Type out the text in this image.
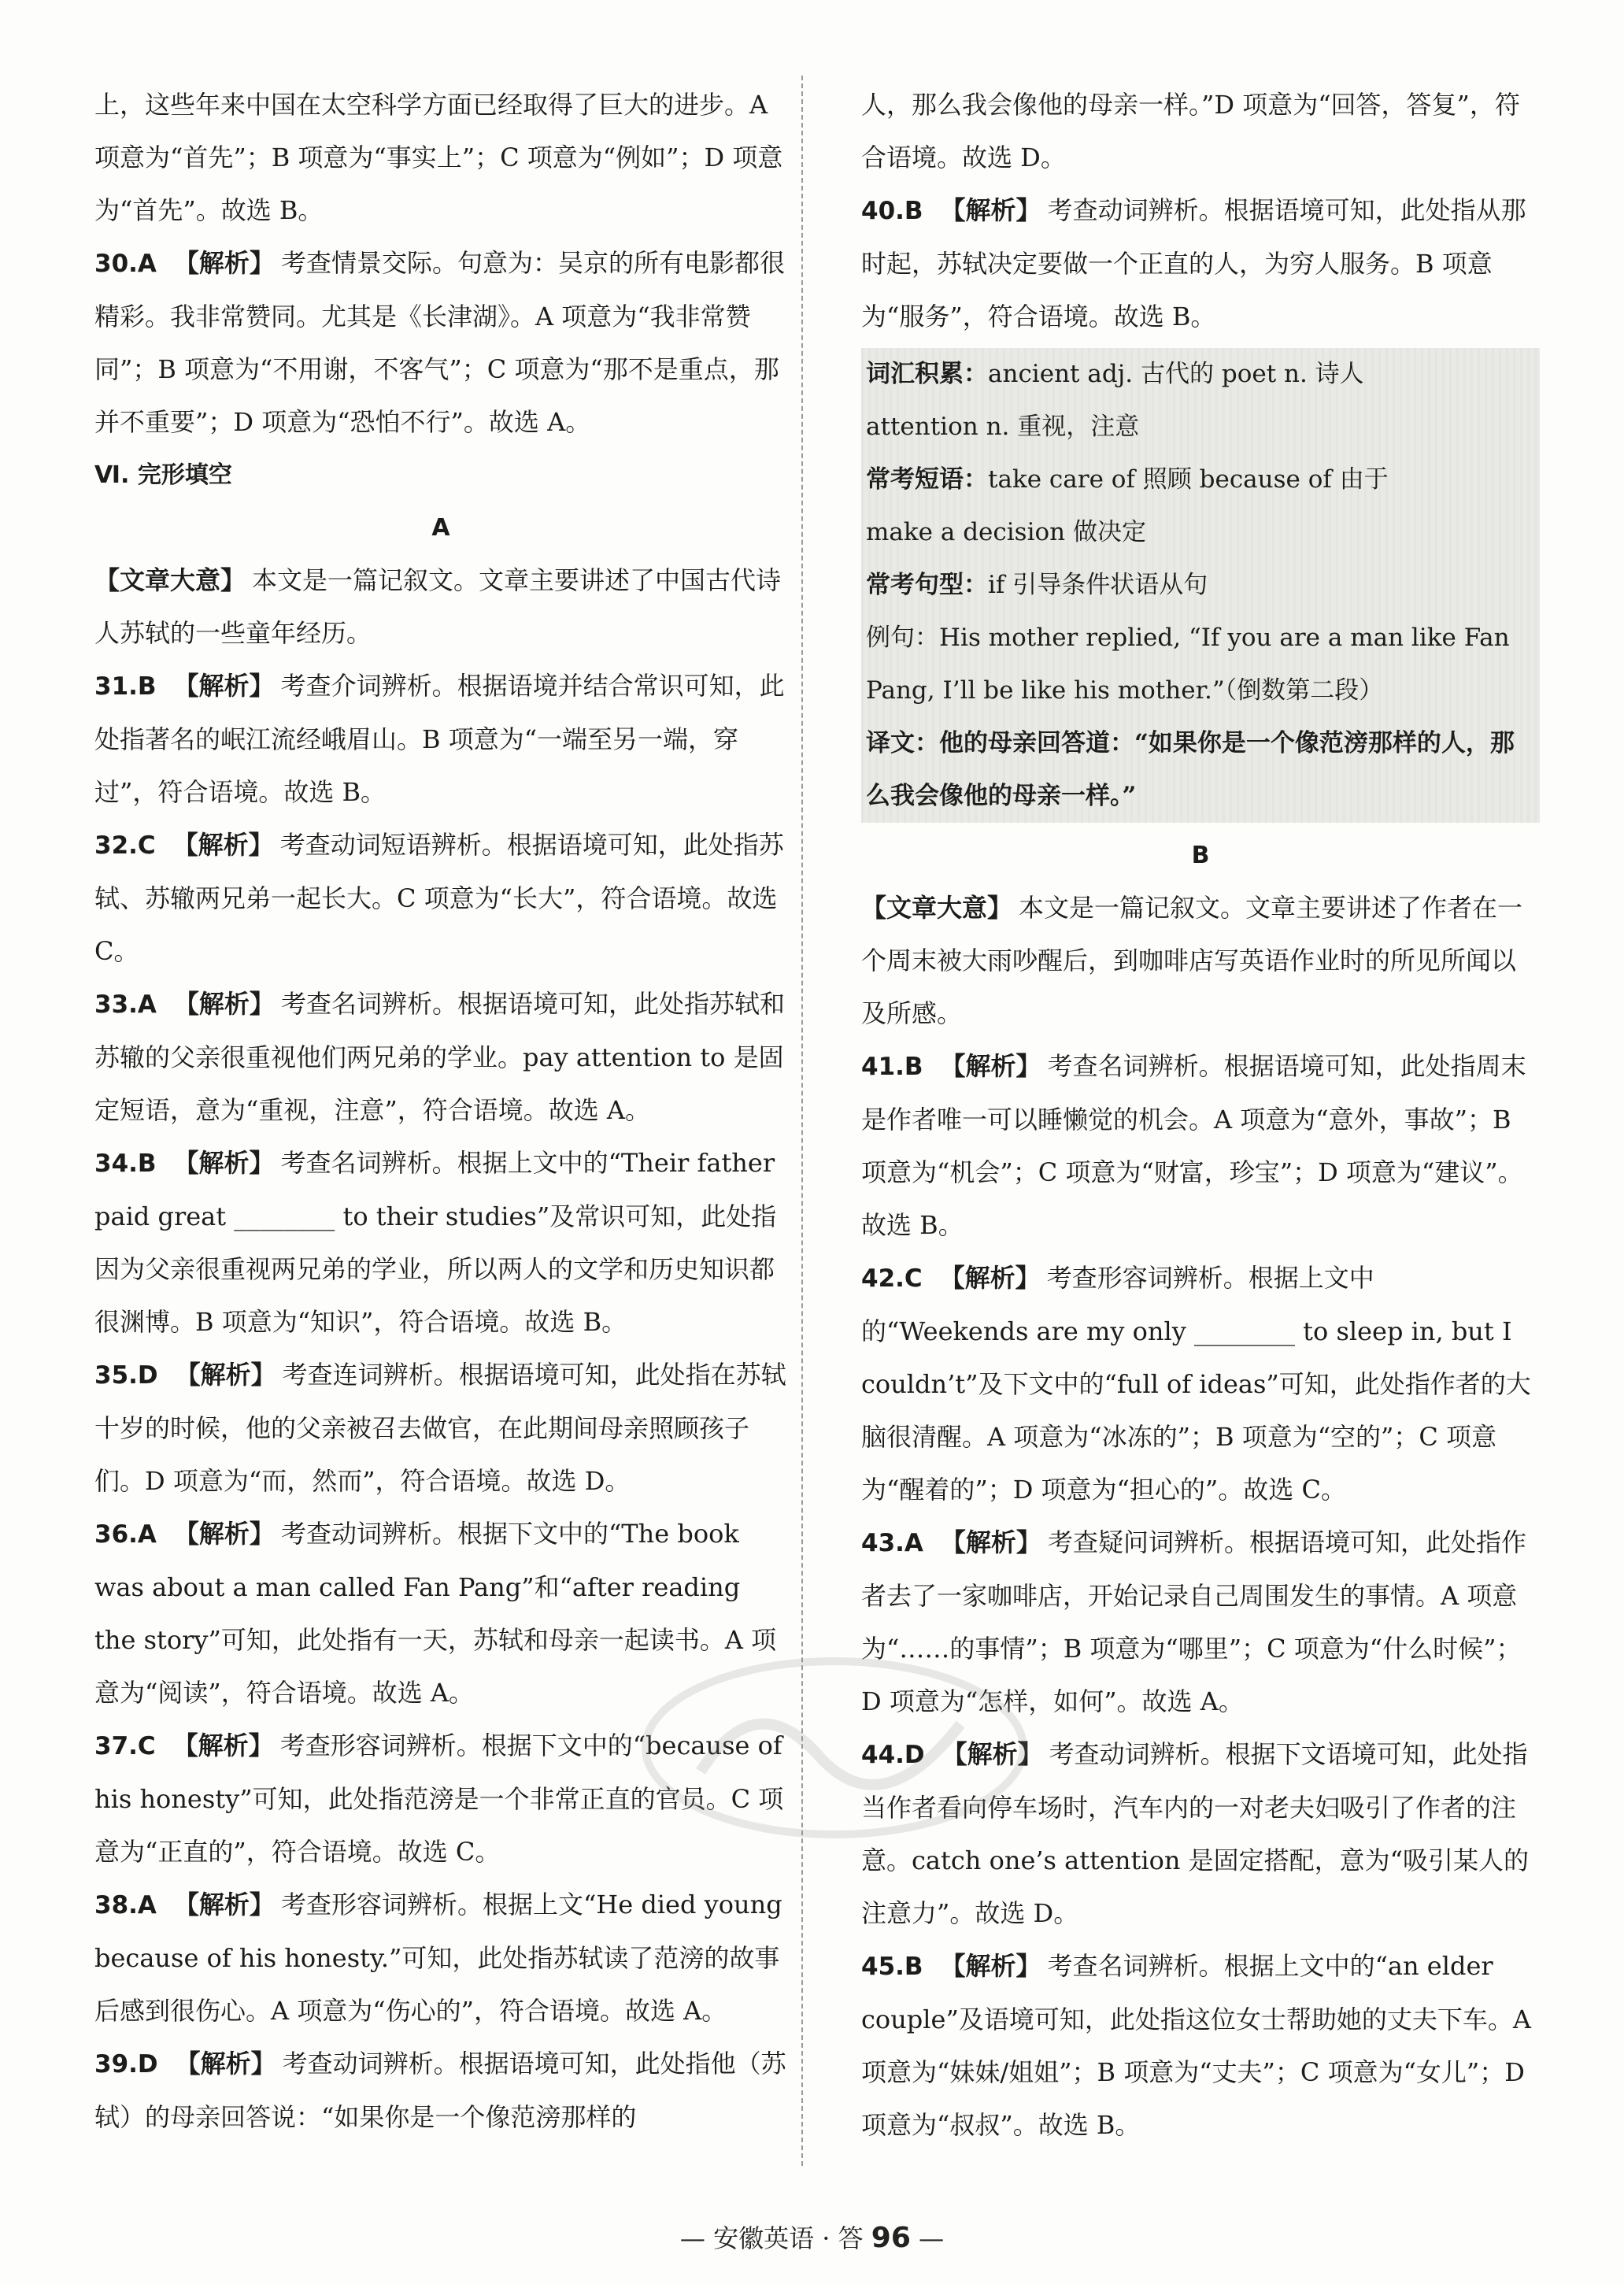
上，这些年来中国在太空科学方面已经取得了巨大的进步。A 项意为“首先”；B 项意为“事实上”；C 项意为“例如”；D 项意为“首先”。故选 B。

30.A 【解析】 考查情景交际。句意为：吴京的所有电影都很精彩。我非常赞同。尤其是《长津湖》。A 项意为“我非常赞同”；B 项意为“不用谢，不客气”；C 项意为“那不是重点，那并不重要”；D 项意为“恐怕不行”。故选 A。

Ⅵ. 完形填空

A

【文章大意】 本文是一篇记叙文。文章主要讲述了中国古代诗人苏轼的一些童年经历。

31.B 【解析】 考查介词辨析。根据语境并结合常识可知，此处指著名的岷江流经峨眉山。B 项意为“一端至另一端，穿过”，符合语境。故选 B。

32.C 【解析】 考查动词短语辨析。根据语境可知，此处指苏轼、苏辙两兄弟一起长大。C 项意为“长大”，符合语境。故选 C。

33.A 【解析】 考查名词辨析。根据语境可知，此处指苏轼和苏辙的父亲很重视他们两兄弟的学业。pay attention to 是固定短语，意为“重视，注意”，符合语境。故选 A。

34.B 【解析】 考查名词辨析。根据上文中的“Their father paid great ________ to their studies”及常识可知，此处指因为父亲很重视两兄弟的学业，所以两人的文学和历史知识都很渊博。B 项意为“知识”，符合语境。故选 B。

35.D 【解析】 考查连词辨析。根据语境可知，此处指在苏轼十岁的时候，他的父亲被召去做官，在此期间母亲照顾孩子们。D 项意为“而，然而”，符合语境。故选 D。

36.A 【解析】 考查动词辨析。根据下文中的“The book was about a man called Fan Pang”和“after reading the story”可知，此处指有一天，苏轼和母亲一起读书。A 项意为“阅读”，符合语境。故选 A。

37.C 【解析】 考查形容词辨析。根据下文中的“because of his honesty”可知，此处指范滂是一个非常正直的官员。C 项意为“正直的”，符合语境。故选 C。

38.A 【解析】 考查形容词辨析。根据上文“He died young because of his honesty.”可知，此处指苏轼读了范滂的故事后感到很伤心。A 项意为“伤心的”，符合语境。故选 A。

39.D 【解析】 考查动词辨析。根据语境可知，此处指他（苏轼）的母亲回答说：“如果你是一个像范滂那样的

人，那么我会像他的母亲一样。”D 项意为“回答，答复”，符合语境。故选 D。

40.B 【解析】 考查动词辨析。根据语境可知，此处指从那时起，苏轼决定要做一个正直的人，为穷人服务。B 项意为“服务”，符合语境。故选 B。

词汇积累：ancient adj. 古代的 poet n. 诗人
attention n. 重视，注意
常考短语：take care of 照顾 because of 由于
make a decision 做决定
常考句型：if 引导条件状语从句
例句：His mother replied, “If you are a man like Fan Pang, I’ll be like his mother.”（倒数第二段）
译文：他的母亲回答道：“如果你是一个像范滂那样的人，那么我会像他的母亲一样。”

B

【文章大意】 本文是一篇记叙文。文章主要讲述了作者在一个周末被大雨吵醒后，到咖啡店写英语作业时的所见所闻以及所感。

41.B 【解析】 考查名词辨析。根据语境可知，此处指周末是作者唯一可以睡懒觉的机会。A 项意为“意外，事故”；B 项意为“机会”；C 项意为“财富，珍宝”；D 项意为“建议”。故选 B。

42.C 【解析】 考查形容词辨析。根据上文中的“Weekends are my only ________ to sleep in, but I couldn’t”及下文中的“full of ideas”可知，此处指作者的大脑很清醒。A 项意为“冰冻的”；B 项意为“空的”；C 项意为“醒着的”；D 项意为“担心的”。故选 C。

43.A 【解析】 考查疑问词辨析。根据语境可知，此处指作者去了一家咖啡店，开始记录自己周围发生的事情。A 项意为“……的事情”；B 项意为“哪里”；C 项意为“什么时候”；D 项意为“怎样，如何”。故选 A。

44.D 【解析】 考查动词辨析。根据下文语境可知，此处指当作者看向停车场时，汽车内的一对老夫妇吸引了作者的注意。catch one’s attention 是固定搭配，意为“吸引某人的注意力”。故选 D。

45.B 【解析】 考查名词辨析。根据上文中的“an elder couple”及语境可知，此处指这位女士帮助她的丈夫下车。A 项意为“妹妹/姐姐”；B 项意为“丈夫”；C 项意为“女儿”；D 项意为“叔叔”。故选 B。

— 安徽英语 · 答 96 —
